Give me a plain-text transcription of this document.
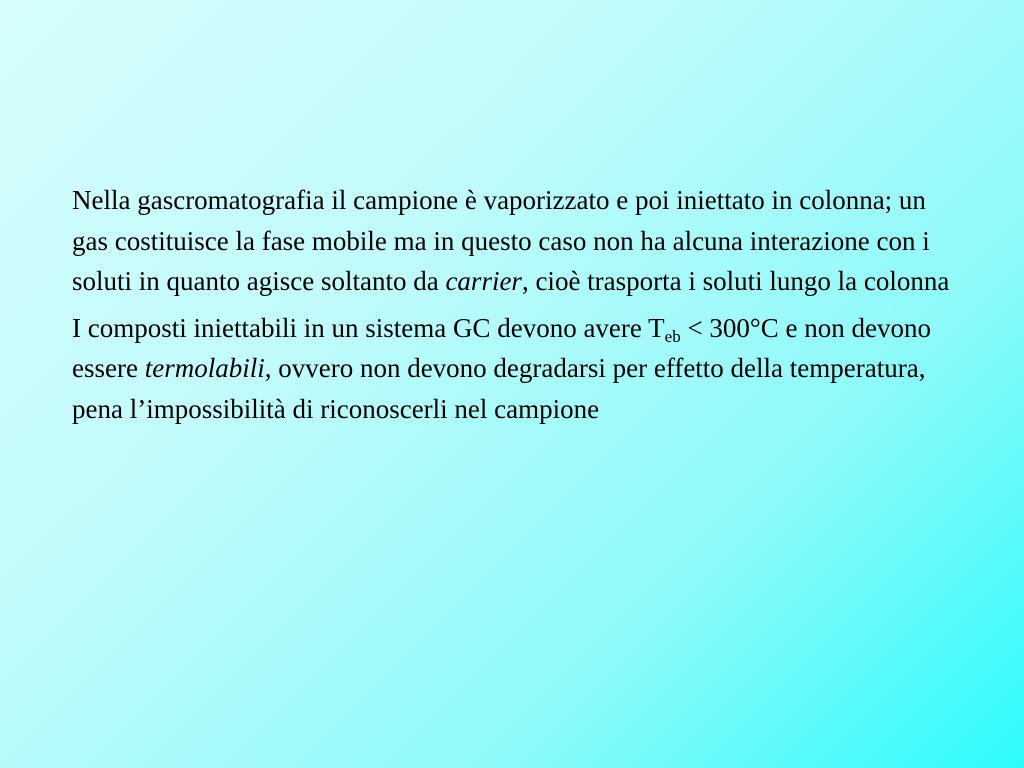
Nella gascromatografia il campione è vaporizzato e poi iniettato in colonna; un gas costituisce la fase mobile ma in questo caso non ha alcuna interazione con i soluti in quanto agisce soltanto da carrier, cioè trasporta i soluti lungo la colonna

I composti iniettabili in un sistema GC devono avere $T_{eb} < 300^\circ C$ e non devono essere termolabili, ovvero non devono degradarsi per effetto della temperatura, pena l’impossibilità di riconoscerli nel campione
